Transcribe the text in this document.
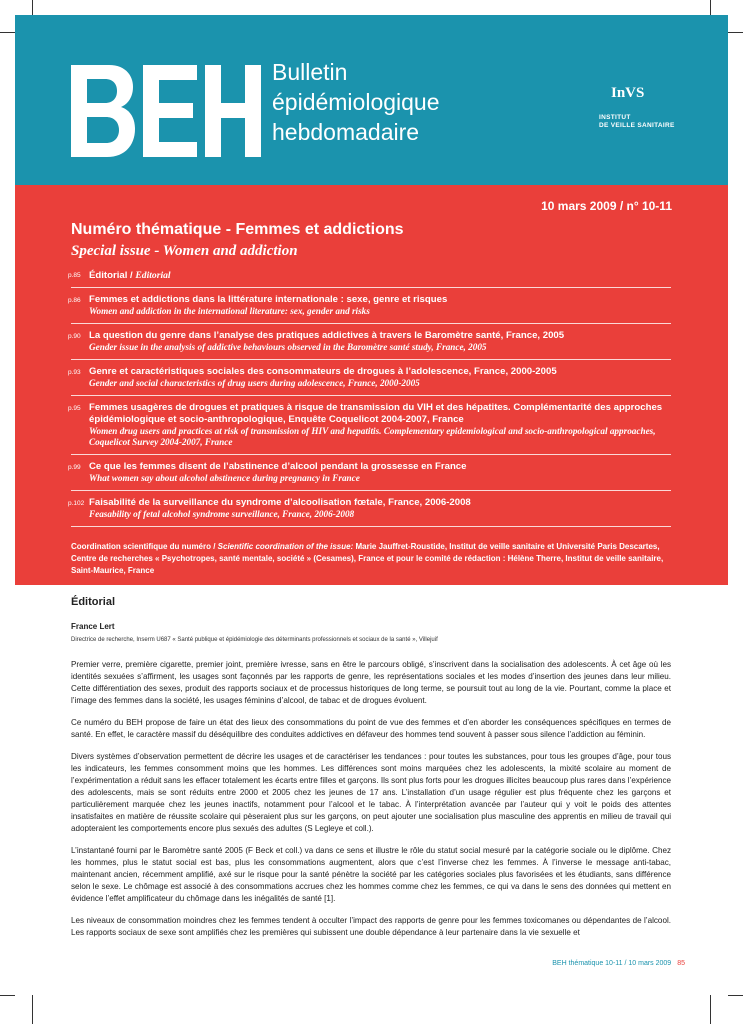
Bulletin
épidémiologique
hebdomadaire
InVS
INSTITUT
DE VEILLE SANITAIRE
10 mars 2009 / n° 10-11
Numéro thématique - Femmes et addictions
Special issue - Women and addiction
p.85 Éditorial / Editorial
p.86 Femmes et addictions dans la littérature internationale : sexe, genre et risques
Women and addiction in the international literature: sex, gender and risks
p.90 La question du genre dans l’analyse des pratiques addictives à travers le Baromètre santé, France, 2005
Gender issue in the analysis of addictive behaviours observed in the Baromètre santé study, France, 2005
p.93 Genre et caractéristiques sociales des consommateurs de drogues à l’adolescence, France, 2000-2005
Gender and social characteristics of drug users during adolescence, France, 2000-2005
p.95 Femmes usagères de drogues et pratiques à risque de transmission du VIH et des hépatites. Complémentarité des approches épidémiologique et socio-anthropologique, Enquête Coquelicot 2004-2007, France
Women drug users and practices at risk of transmission of HIV and hepatitis. Complementary epidemiological and socio-anthropological approaches, Coquelicot Survey 2004-2007, France
p.99 Ce que les femmes disent de l’abstinence d’alcool pendant la grossesse en France
What women say about alcohol abstinence during pregnancy in France
p.102 Faisabilité de la surveillance du syndrome d’alcoolisation fœtale, France, 2006-2008
Feasability of fetal alcohol syndrome surveillance, France, 2006-2008
Coordination scientifique du numéro / Scientific coordination of the issue: Marie Jauffret-Roustide, Institut de veille sanitaire et Université Paris Descartes, Centre de recherches « Psychotropes, santé mentale, société » (Cesames), France et pour le comité de rédaction : Hélène Therre, Institut de veille sanitaire, Saint-Maurice, France
Éditorial
France Lert
Directrice de recherche, Inserm U687 « Santé publique et épidémiologie des déterminants professionnels et sociaux de la santé », Villejuif

Premier verre, première cigarette, premier joint, première ivresse, sans en être le parcours obligé, s’inscrivent dans la socialisation des adolescents. À cet âge où les identités sexuées s’affirment, les usages sont façonnés par les rapports de genre, les représentations sociales et les modes d’insertion des jeunes dans leur milieu. Cette différentiation des sexes, produit des rapports sociaux et de processus historiques de long terme, se poursuit tout au long de la vie. Pourtant, comme la place et l’image des femmes dans la société, les usages féminins d’alcool, de tabac et de drogues évoluent.

Ce numéro du BEH propose de faire un état des lieux des consommations du point de vue des femmes et d’en aborder les conséquences spécifiques en termes de santé. En effet, le caractère massif du déséquilibre des conduites addictives en défaveur des hommes tend souvent à passer sous silence l’addiction au féminin.

Divers systèmes d’observation permettent de décrire les usages et de caractériser les tendances : pour toutes les substances, pour tous les groupes d’âge, pour tous les indicateurs, les femmes consomment moins que les hommes. Les différences sont moins marquées chez les adolescents, la mixité scolaire au moment de l’expérimentation a réduit sans les effacer totalement les écarts entre filles et garçons. Ils sont plus forts pour les drogues illicites beaucoup plus rares dans l’expérience des adolescents, mais se sont réduits entre 2000 et 2005 chez les jeunes de 17 ans. L’installation d’un usage régulier est plus fréquente chez les garçons et particulièrement marquée chez les jeunes inactifs, notamment pour l’alcool et le tabac. À l’interprétation avancée par l’auteur qui y voit le poids des attentes insatisfaites en matière de réussite scolaire qui pèseraient plus sur les garçons, on peut ajouter une socialisation plus masculine des apprentis en milieu de travail qui adopteraient les comportements encore plus sexués des adultes (S Legleye et coll.).

L’instantané fourni par le Baromètre santé 2005 (F Beck et coll.) va dans ce sens et illustre le rôle du statut social mesuré par la catégorie sociale ou le diplôme. Chez les hommes, plus le statut social est bas, plus les consommations augmentent, alors que c’est l’inverse chez les femmes. À l’inverse le message anti-tabac, maintenant ancien, récemment amplifié, axé sur le risque pour la santé pénètre la société par les catégories sociales plus favorisées et les étudiants, sans différence selon le sexe. Le chômage est associé à des consommations accrues chez les hommes comme chez les femmes, ce qui va dans le sens des données qui mettent en évidence l’effet amplificateur du chômage dans les inégalités de santé [1].

Les niveaux de consommation moindres chez les femmes tendent à occulter l’impact des rapports de genre pour les femmes toxicomanes ou dépendantes de l’alcool. Les rapports sociaux de sexe sont amplifiés chez les premières qui subissent une double dépendance à leur partenaire dans la vie sexuelle et

BEH thématique 10-11 / 10 mars 2009 85
